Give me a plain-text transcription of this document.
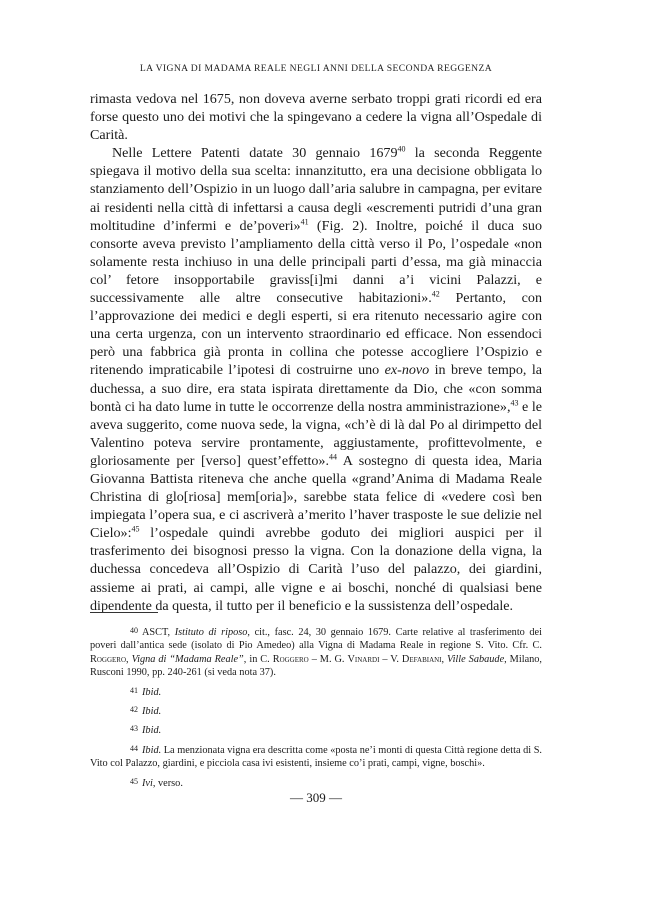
LA VIGNA DI MADAMA REALE NEGLI ANNI DELLA SECONDA REGGENZA

rimasta vedova nel 1675, non doveva averne serbato troppi grati ricordi ed era forse questo uno dei motivi che la spingevano a cedere la vigna all’Ospedale di Carità.

Nelle Lettere Patenti datate 30 gennaio 1679$^{40}$ la seconda Reggente spiegava il motivo della sua scelta: innanzitutto, era una decisione obbligata lo stanziamento dell’Ospizio in un luogo dall’aria salubre in campagna, per evitare ai residenti nella città di infettarsi a causa degli «escrementi putridi d’una gran moltitudine d’infermi e de’poveri»$^{41}$ (Fig. 2). Inoltre, poiché il duca suo consorte aveva previsto l’ampliamento della città verso il Po, l’ospedale «non solamente resta inchiuso in una delle principali parti d’essa, ma già minaccia col’ fetore insopportabile graviss[i]mi danni a’i vicini Palazzi, e successivamente alle altre consecutive habitazioni».$^{42}$ Pertanto, con l’approvazione dei medici e degli esperti, si era ritenuto necessario agire con una certa urgenza, con un intervento straordinario ed efficace. Non essendoci però una fabbrica già pronta in collina che potesse accogliere l’Ospizio e ritenendo impraticabile l’ipotesi di costruirne uno ex-novo in breve tempo, la duchessa, a suo dire, era stata ispirata direttamente da Dio, che «con somma bontà ci ha dato lume in tutte le occorrenze della nostra amministrazione»,$^{43}$ e le aveva suggerito, come nuova sede, la vigna, «ch’è di là dal Po al dirimpetto del Valentino poteva servire prontamente, aggiustamente, profittevolmente, e gloriosamente per [verso] quest’effetto».$^{44}$ A sostegno di questa idea, Maria Giovanna Battista riteneva che anche quella «grand’Anima di Madama Reale Christina di glo[riosa] mem[oria]», sarebbe stata felice di «vedere così ben impiegata l’opera sua, e ci ascriverà a’merito l’haver trasposte le sue delizie nel Cielo»:$^{45}$ l’ospedale quindi avrebbe goduto dei migliori auspici per il trasferimento dei bisognosi presso la vigna. Con la donazione della vigna, la duchessa concedeva all’Ospizio di Carità l’uso del palazzo, dei giardini, assieme ai prati, ai campi, alle vigne e ai boschi, nonché di qualsiasi bene dipendente da questa, il tutto per il beneficio e la sussistenza dell’ospedale.

40 ASCT, Istituto di riposo, cit., fasc. 24, 30 gennaio 1679. Carte relative al trasferimento dei poveri dall’antica sede (isolato di Pio Amedeo) alla Vigna di Madama Reale in regione S. Vito. Cfr. C. Roggero, Vigna di “Madama Reale”, in C. Roggero – M. G. Vinardi – V. Defabiani, Ville Sabaude, Milano, Rusconi 1990, pp. 240-261 (si veda nota 37).

41 Ibid.

42 Ibid.

43 Ibid.

44 Ibid. La menzionata vigna era descritta come «posta ne’i monti di questa Città regione detta di S. Vito col Palazzo, giardini, e picciola casa ivi esistenti, insieme co’i prati, campi, vigne, boschi».

45 Ivi, verso.

— 309 —
